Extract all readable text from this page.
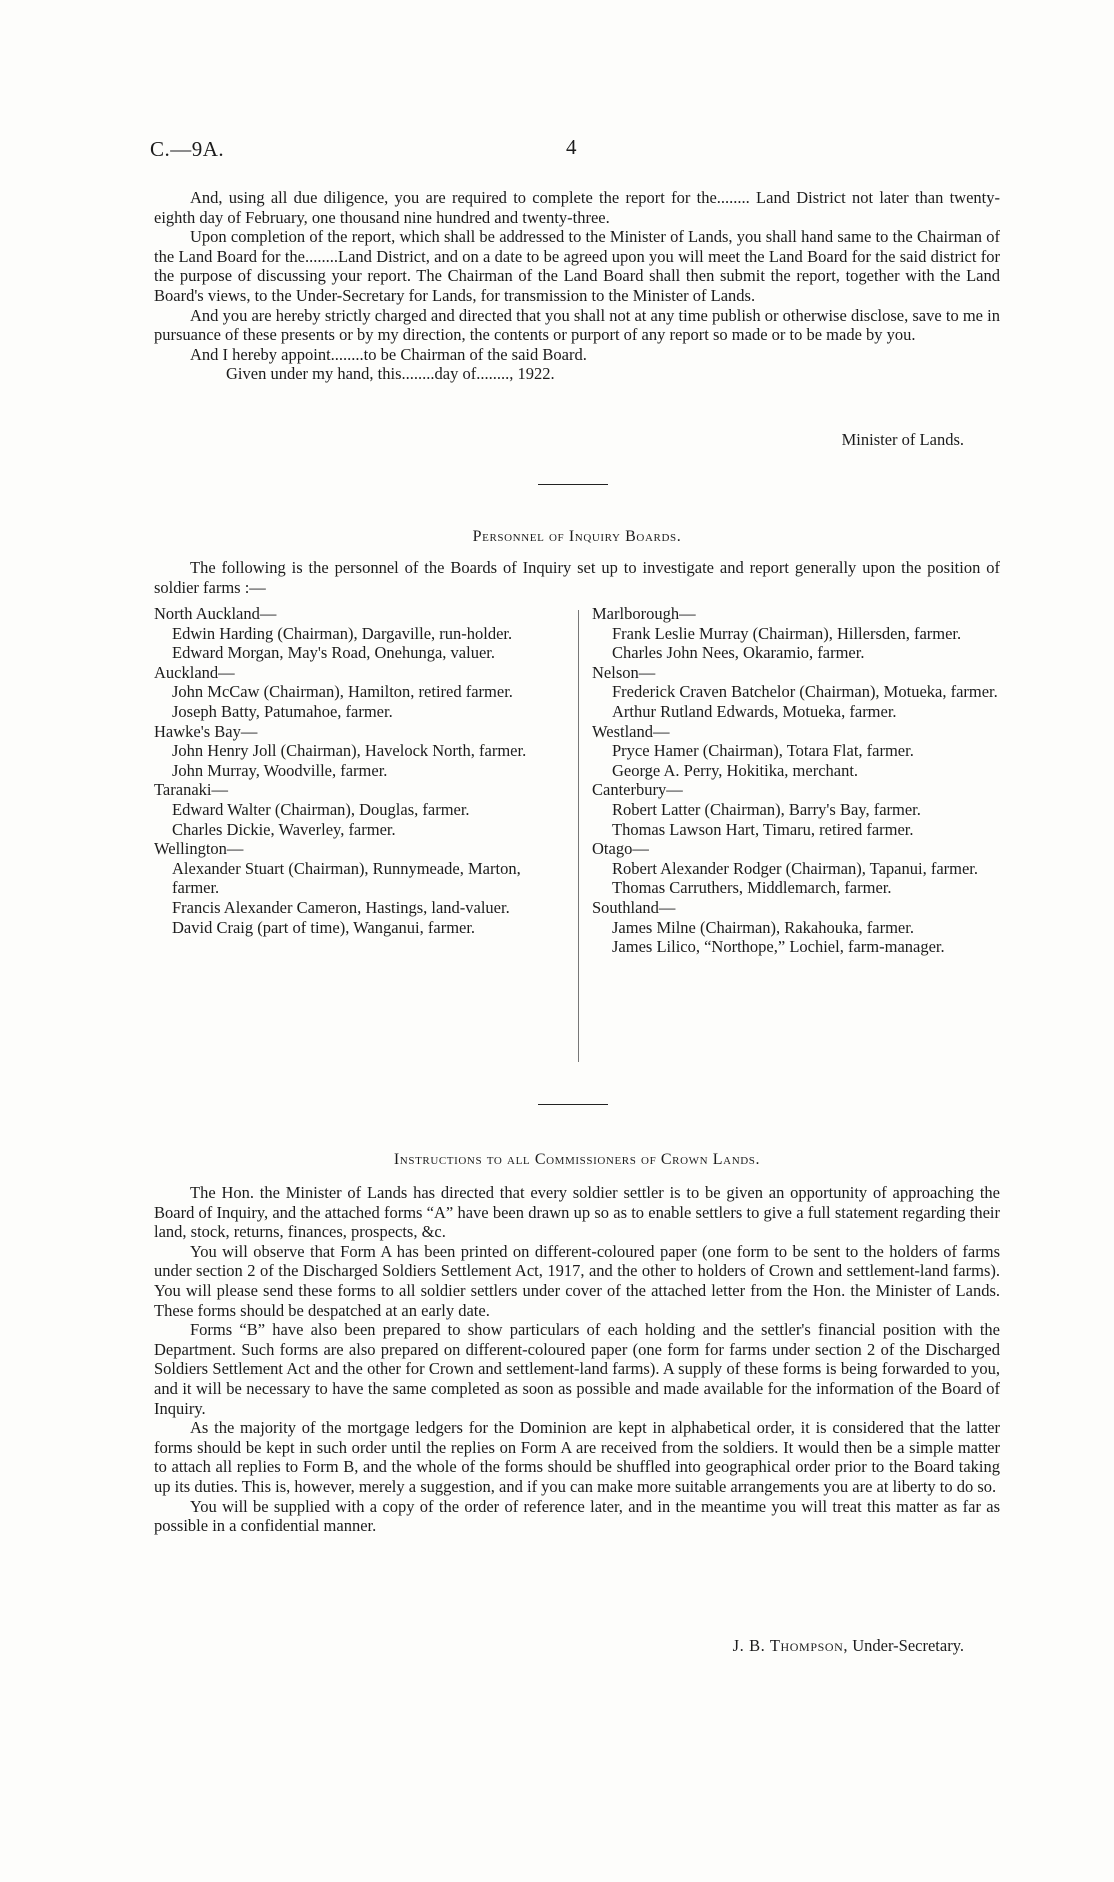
C.—9A.	4

And, using all due diligence, you are required to complete the report for the........ Land District not later than twenty-eighth day of February, one thousand nine hundred and twenty-three.

Upon completion of the report, which shall be addressed to the Minister of Lands, you shall hand same to the Chairman of the Land Board for the........Land District, and on a date to be agreed upon you will meet the Land Board for the said district for the purpose of discussing your report. The Chairman of the Land Board shall then submit the report, together with the Land Board's views, to the Under-Secretary for Lands, for transmission to the Minister of Lands.

And you are hereby strictly charged and directed that you shall not at any time publish or otherwise disclose, save to me in pursuance of these presents or by my direction, the contents or purport of any report so made or to be made by you.

And I hereby appoint........to be Chairman of the said Board.

Given under my hand, this........day of........, 1922.

Minister of Lands.
Personnel of Inquiry Boards.

The following is the personnel of the Boards of Inquiry set up to investigate and report generally upon the position of soldier farms :—

North Auckland—

Edwin Harding (Chairman), Dargaville, run-holder.

Edward Morgan, May's Road, Onehunga, valuer.

Auckland—

John McCaw (Chairman), Hamilton, retired farmer.

Joseph Batty, Patumahoe, farmer.

Hawke's Bay—

John Henry Joll (Chairman), Havelock North, farmer.

John Murray, Woodville, farmer.

Taranaki—

Edward Walter (Chairman), Douglas, farmer.

Charles Dickie, Waverley, farmer.

Wellington—

Alexander Stuart (Chairman), Runnymeade, Marton, farmer.

Francis Alexander Cameron, Hastings, land-valuer.

David Craig (part of time), Wanganui, farmer.

Marlborough—

Frank Leslie Murray (Chairman), Hillersden, farmer.

Charles John Nees, Okaramio, farmer.

Nelson—

Frederick Craven Batchelor (Chairman), Motueka, farmer.

Arthur Rutland Edwards, Motueka, farmer.

Westland—

Pryce Hamer (Chairman), Totara Flat, farmer.

George A. Perry, Hokitika, merchant.

Canterbury—

Robert Latter (Chairman), Barry's Bay, farmer.

Thomas Lawson Hart, Timaru, retired farmer.

Otago—

Robert Alexander Rodger (Chairman), Tapanui, farmer.

Thomas Carruthers, Middlemarch, farmer.

Southland—

James Milne (Chairman), Rakahouka, farmer.

James Lilico, “Northope,” Lochiel, farm-manager.

Instructions to all Commissioners of Crown Lands.

The Hon. the Minister of Lands has directed that every soldier settler is to be given an opportunity of approaching the Board of Inquiry, and the attached forms “A” have been drawn up so as to enable settlers to give a full statement regarding their land, stock, returns, finances, prospects, &c.

You will observe that Form A has been printed on different-coloured paper (one form to be sent to the holders of farms under section 2 of the Discharged Soldiers Settlement Act, 1917, and the other to holders of Crown and settlement-land farms). You will please send these forms to all soldier settlers under cover of the attached letter from the Hon. the Minister of Lands. These forms should be despatched at an early date.

Forms “B” have also been prepared to show particulars of each holding and the settler's financial position with the Department. Such forms are also prepared on different-coloured paper (one form for farms under section 2 of the Discharged Soldiers Settlement Act and the other for Crown and settlement-land farms). A supply of these forms is being forwarded to you, and it will be necessary to have the same completed as soon as possible and made available for the information of the Board of Inquiry.

As the majority of the mortgage ledgers for the Dominion are kept in alphabetical order, it is considered that the latter forms should be kept in such order until the replies on Form A are received from the soldiers. It would then be a simple matter to attach all replies to Form B, and the whole of the forms should be shuffled into geographical order prior to the Board taking up its duties. This is, however, merely a suggestion, and if you can make more suitable arrangements you are at liberty to do so.

You will be supplied with a copy of the order of reference later, and in the meantime you will treat this matter as far as possible in a confidential manner.

J. B. Thompson, Under-Secretary.
